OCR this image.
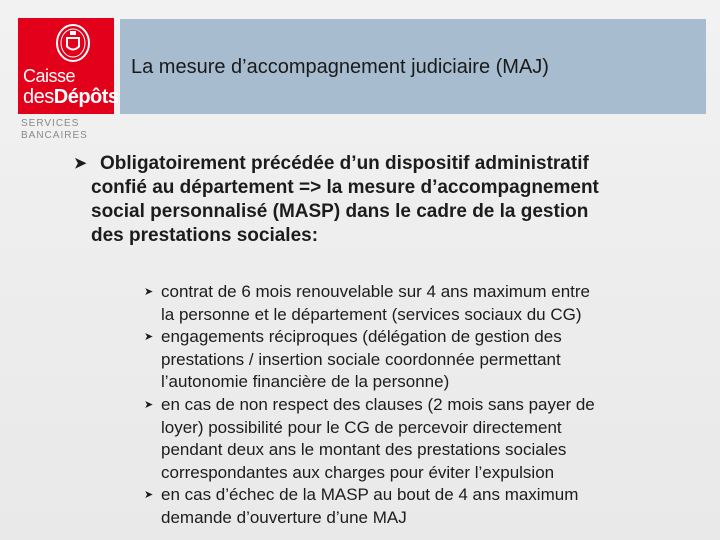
Caisse
desDépôts
SERVICES
BANCAIRES
La mesure d’accompagnement judiciaire (MAJ)
➤ Obligatoirement précédée d’un dispositif administratif
confié au département => la mesure d’accompagnement
social personnalisé (MASP) dans le cadre de la gestion
des prestations sociales:
➤ contrat de 6 mois renouvelable sur 4 ans maximum entre
la personne et le département (services sociaux du CG)
➤ engagements réciproques (délégation de gestion des
prestations / insertion sociale coordonnée permettant
l’autonomie financière de la personne)
➤ en cas de non respect des clauses (2 mois sans payer de
loyer) possibilité pour le CG de percevoir directement
pendant deux ans le montant des prestations sociales
correspondantes aux charges pour éviter l’expulsion
➤ en cas d’échec de la MASP au bout de 4 ans maximum
demande d’ouverture d’une MAJ
